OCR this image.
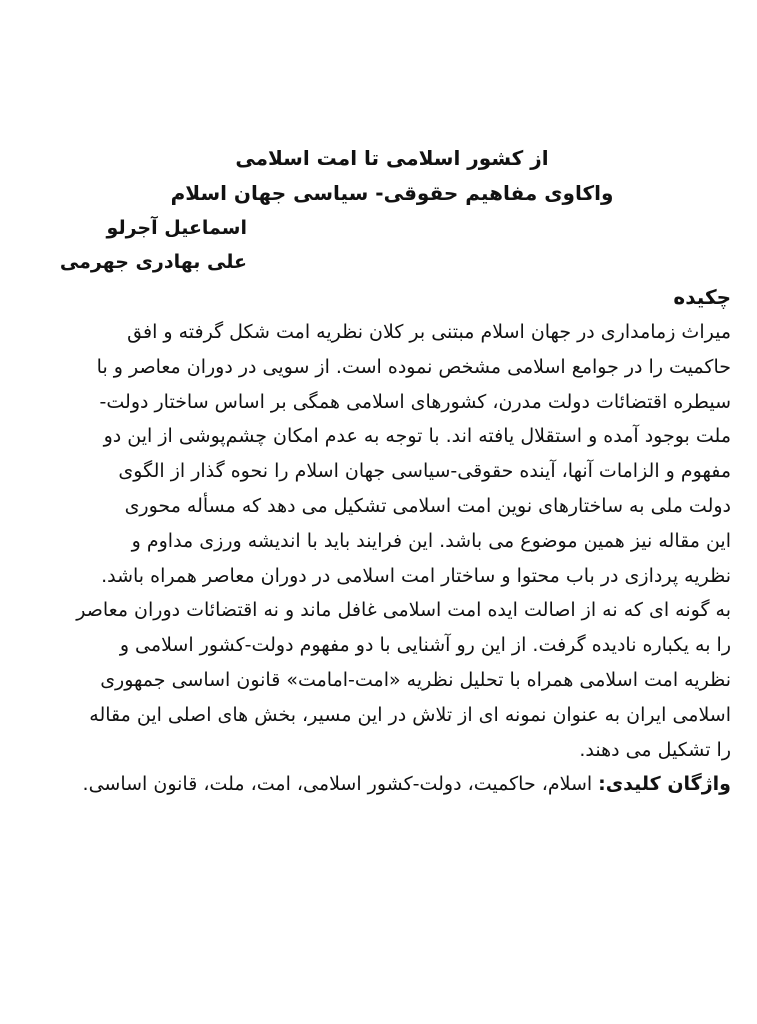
از کشور اسلامی تا امت اسلامی
واکاوی مفاهیم حقوقی- سیاسی جهان اسلام
اسماعیل آجرلو
علی بهادری جهرمی
چکیده
میراث زمامداری در جهان اسلام مبتنی بر کلان نظریه امت شکل گرفته و افق
حاکمیت را در جوامع اسلامی مشخص نموده است. از سویی در دوران معاصر و با
سیطره اقتضائات دولت مدرن، کشورهای اسلامی همگی بر اساس ساختار دولت-
ملت بوجود آمده و استقلال یافته اند. با توجه به عدم امکان چشم‌پوشی از این دو
مفهوم و الزامات آنها، آینده حقوقی-سیاسی جهان اسلام را نحوه گذار از الگوی
دولت ملی به ساختارهای نوین امت اسلامی تشکیل می دهد که مسأله محوری
این مقاله نیز همین موضوع می باشد. این فرایند باید با اندیشه ورزی مداوم و
نظریه پردازی در باب محتوا و ساختار امت اسلامی در دوران معاصر همراه باشد.
به گونه ای که نه از اصالت ایده امت اسلامی غافل ماند و نه اقتضائات دوران معاصر
را به یکباره نادیده گرفت. از این رو آشنایی با دو مفهوم دولت-کشور اسلامی و
نظریه امت اسلامی همراه با تحلیل نظریه «امت-امامت» قانون اساسی جمهوری
اسلامی ایران به عنوان نمونه ای از تلاش در این مسیر، بخش های اصلی این مقاله
را تشکیل می دهند.
واژگان کلیدی:اسلام، حاکمیت، دولت-کشور اسلامی، امت، ملت، قانون اساسی.
